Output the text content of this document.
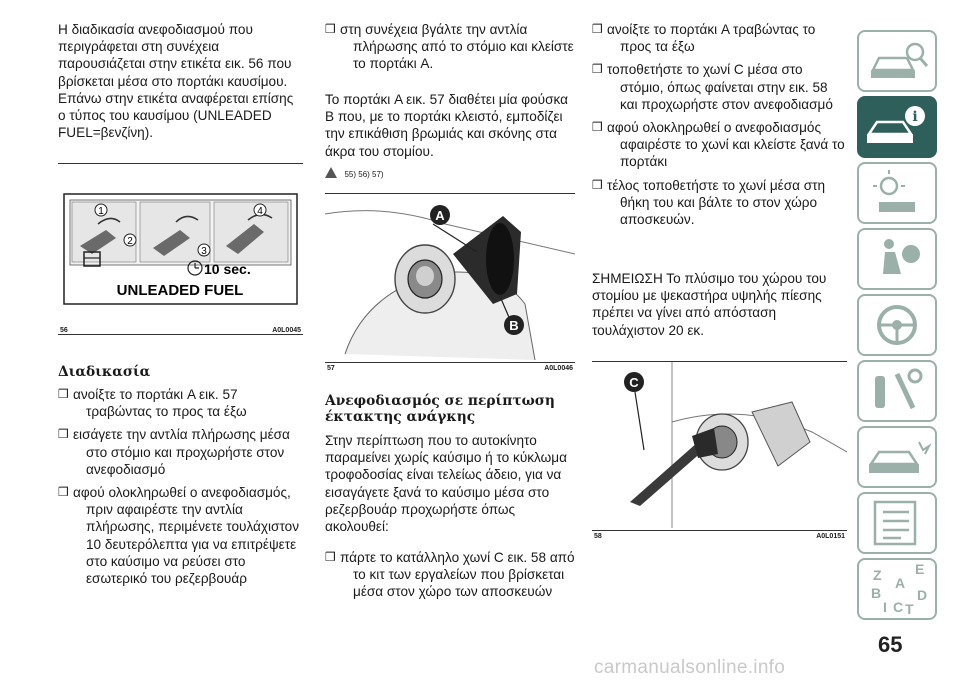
Η διαδικασία ανεφοδιασμού που περιγράφεται στη συνέχεια παρουσιάζεται στην ετικέτα εικ. 56 που βρίσκεται μέσα στο πορτάκι καυσίμου. Επάνω στην ετικέτα αναφέρεται επίσης ο τύπος του καυσίμου (UNLEADED FUEL=βενζίνη).

1
2
3
4
10 sec.
UNLEADED FUEL
56	A0L0045
Διαδικασία
❒ ανοίξτε το πορτάκι A εικ. 57 τραβώντας το προς τα έξω
❒ εισάγετε την αντλία πλήρωσης μέσα στο στόμιο και προχωρήστε στον ανεφοδιασμό
❒ αφού ολοκληρωθεί ο ανεφοδιασμός, πριν αφαιρέστε την αντλία πλήρωσης, περιμένετε τουλάχιστον 10 δευτερόλεπτα για να επιτρέψετε στο καύσιμο να ρεύσει στο εσωτερικό του ρεζερβουάρ
❒ στη συνέχεια βγάλτε την αντλία πλήρωσης από το στόμιο και κλείστε το πορτάκι A.

Το πορτάκι A εικ. 57 διαθέτει μία φούσκα B που, με το πορτάκι κλειστό, εμποδίζει την επικάθιση βρωμιάς και σκόνης στα άκρα του στομίου.

55) 56) 57)
A
B
57	A0L0046
Ανεφοδιασμός σε περίπτωση έκτακτης ανάγκης

Στην περίπτωση που το αυτοκίνητο παραμείνει χωρίς καύσιμο ή το κύκλωμα τροφοδοσίας είναι τελείως άδειο, για να εισαγάγετε ξανά το καύσιμο μέσα στο ρεζερβουάρ προχωρήστε όπως ακολουθεί:

❒ πάρτε το κατάλληλο χωνί C εικ. 58 από το κιτ των εργαλείων που βρίσκεται μέσα στον χώρο των αποσκευών
❒ ανοίξτε το πορτάκι A τραβώντας το προς τα έξω
❒ τοποθετήστε το χωνί C μέσα στο στόμιο, όπως φαίνεται στην εικ. 58 και προχωρήστε στον ανεφοδιασμό
❒ αφού ολοκληρωθεί ο ανεφοδιασμός αφαιρέστε το χωνί και κλείστε ξανά το πορτάκι
❒ τέλος τοποθετήστε το χωνί μέσα στη θήκη του και βάλτε το στον χώρο αποσκευών.

ΣΗΜΕΙΩΣΗ Το πλύσιμο του χώρου του στομίου με ψεκαστήρα υψηλής πίεσης πρέπει να γίνει από απόσταση τουλάχιστον 20 εκ.

C
58	A0L0151
i
Z E
A
B	D
I C T
65
carmanualsonline.info
